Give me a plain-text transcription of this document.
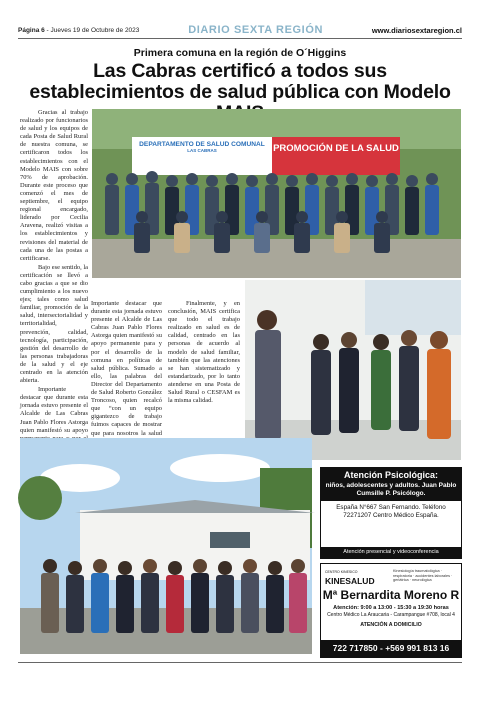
Página 6 - Jueves 19 de Octubre de 2023	DIARIO SEXTA REGIÓN	www.diariosextaregion.cl
Primera comuna en la región de O´Higgins
Las Cabras certificó a todos sus establecimientos de salud pública con Modelo

Gracias al trabajo realizado por funcionarios de salud y los equipos de cada Posta de Salud Rural de nuestra comuna, se certificaron todos los establecimientos con el Modelo MAIS con sobre 70% de aprobación. Durante este proceso que comenzó el mes de septiembre, el equipo regional encargado, liderado por Cecilia Aravena, realizó visitas a los establecimientos y revisiones del material de cada una de las postas a certificarse.

Bajo ese sentido, la certificación se llevó a cabo gracias a que se dio cumplimiento a los nuevo ejes; tales como salud familiar, promoción de la salud, intersectorialidad y territorialidad, prevención, calidad, tecnología, participación, gestión del desarrollo de las personas trabajadoras de la salud y el eje centrado en la atención abierta.

Importante destacar que durante esta jornada estuvo presente el Alcalde de Las Cabras Juan Pablo Flores Astorga quien manifestó su apoyo

DEPARTAMENTO DE SALUD COMUNAL
LAS CABRAS	PROMOCIÓN DE LA SALUD

Importante destacar que durante esta jornada estuvo presente el Alcalde de Las Cabras Juan Pablo Flores Astorga quien manifestó su apoyo permanente para y por el desarrollo de la comuna en políticas de salud pública. Sumado a ello, las palabras del Director del Departamento de Salud Roberto González Troncoso, quien recalcó que “con un equipo gigantezco de trabajo fuimos capaces de mostrar que para nosotros la salud

Finalmente, y en conclusión, MAIS certifica que todo el trabajo realizado en salud es de calidad, centrado en las personas de acuerdo al modelo de salud familiar, también que las atenciones se han sistematizado y estandarizado, por lo tanto atenderse en una Posta de Salud Rural o CESFAM es la misma calidad.

Atención Psicológica:
niños, adolescentes y adultos. Juan Pablo Cumsille P. Psicólogo.
España N°667 San Fernando. Teléfono 72271207 Centro Médico España.
Atención presencial y videoconferencia
CENTRO KINESICO
KINESALUD
Kinesiología traumatológica · respiratoria · accidentes laborales · geriátrica · neurológica
Mª Bernardita Moreno R
Atención: 9:00 a 13:00 - 15:30 a 19:30 horas
Centro Médico La Araucaria - Carampangue #708, local 4
ATENCIÓN A DOMICILIO
722 717850 - +569 991 813 16
